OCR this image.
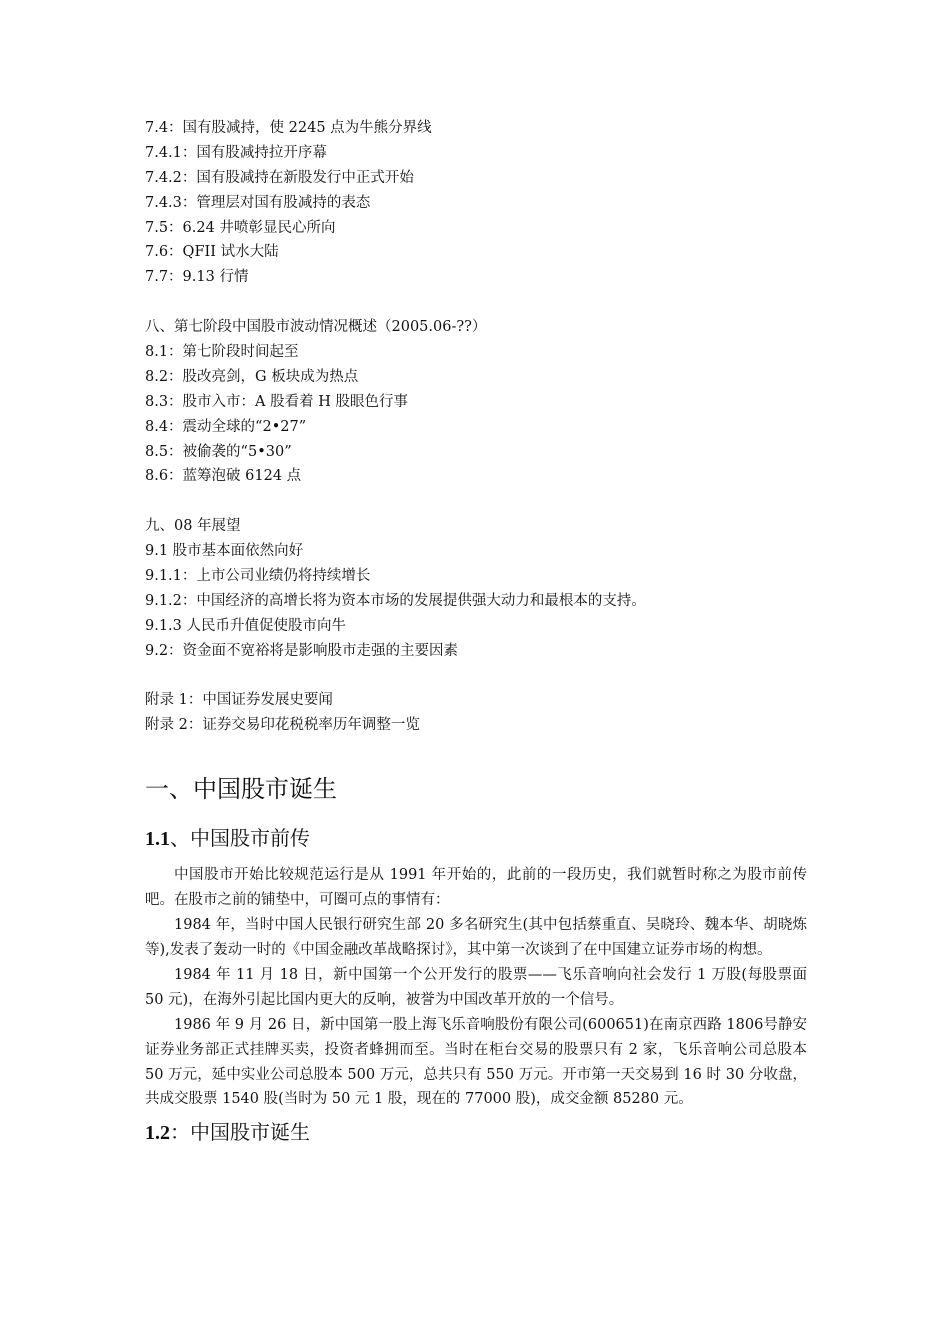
7.4：国有股减持，使 2245 点为牛熊分界线
7.4.1：国有股减持拉开序幕
7.4.2：国有股减持在新股发行中正式开始
7.4.3：管理层对国有股减持的表态
7.5：6.24 井喷彰显民心所向
7.6：QFII 试水大陆
7.7：9.13 行情
八、第七阶段中国股市波动情况概述（2005.06-??）
8.1：第七阶段时间起至
8.2：股改亮剑，G 板块成为热点
8.3：股市入市：A 股看着 H 股眼色行事
8.4：震动全球的“2•27”
8.5：被偷袭的“5•30”
8.6：蓝筹泡破 6124 点
九、08 年展望
9.1 股市基本面依然向好
9.1.1：上市公司业绩仍将持续增长
9.1.2：中国经济的高增长将为资本市场的发展提供强大动力和最根本的支持。
9.1.3 人民币升值促使股市向牛
9.2：资金面不宽裕将是影响股市走强的主要因素
附录 1：中国证券发展史要闻
附录 2：证券交易印花税税率历年调整一览
一、中国股市诞生
1.1、中国股市前传

中国股市开始比较规范运行是从 1991 年开始的，此前的一段历史，我们就暂时称之为股市前传吧。在股市之前的铺垫中，可圈可点的事情有：

1984 年，当时中国人民银行研究生部 20 多名研究生(其中包括蔡重直、吴晓玲、魏本华、胡晓炼等),发表了轰动一时的《中国金融改革战略探讨》，其中第一次谈到了在中国建立证券市场的构想。

1984 年 11 月 18 日，新中国第一个公开发行的股票——飞乐音响向社会发行 1 万股(每股票面 50 元)，在海外引起比国内更大的反响，被誉为中国改革开放的一个信号。

1986 年 9 月 26 日，新中国第一股上海飞乐音响股份有限公司(600651)在南京西路 1806号静安证券业务部正式挂牌买卖，投资者蜂拥而至。当时在柜台交易的股票只有 2 家，飞乐音响公司总股本 50 万元，延中实业公司总股本 500 万元，总共只有 550 万元。开市第一天交易到 16 时 30 分收盘，共成交股票 1540 股(当时为 50 元 1 股，现在的 77000 股)，成交金额 85280 元。

1.2：中国股市诞生
